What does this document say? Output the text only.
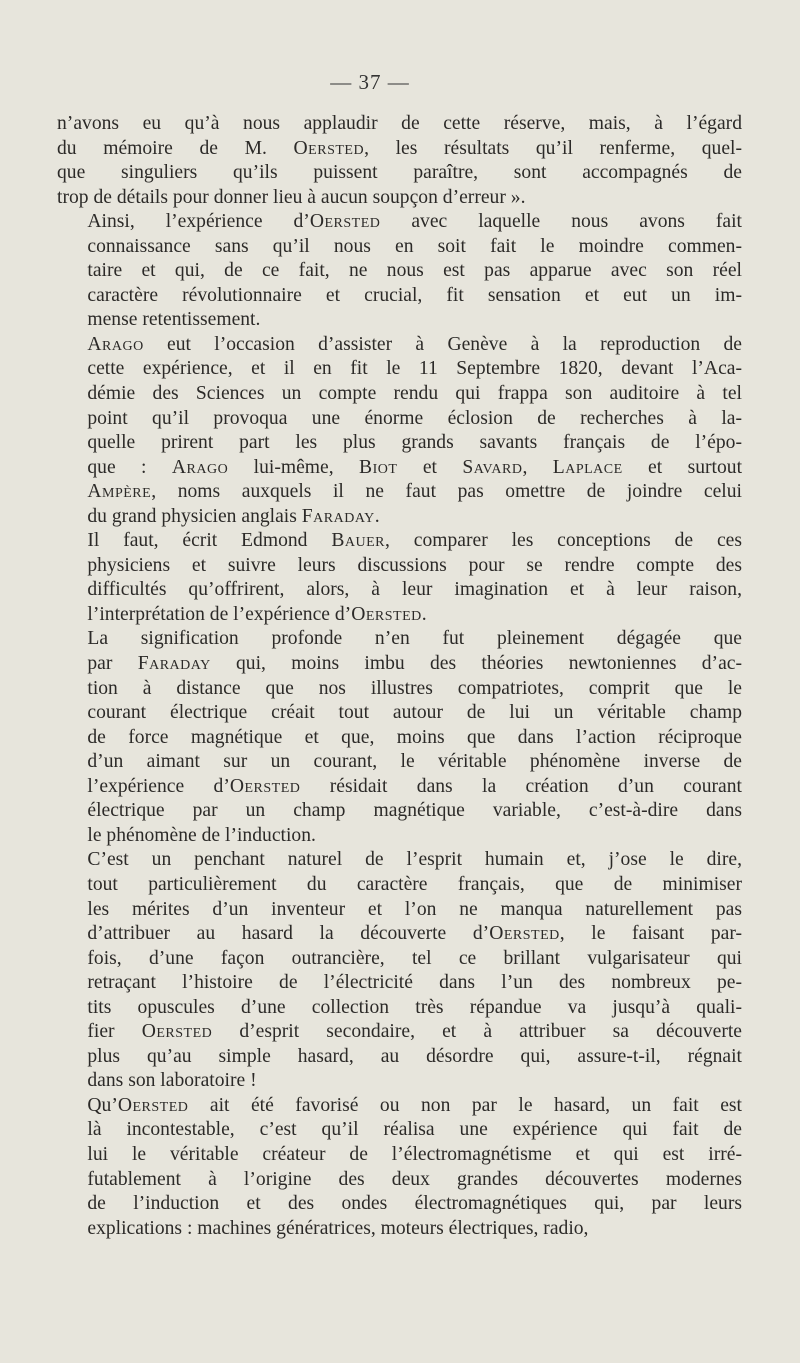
— 37 —

n’avons eu qu’à nous applaudir de cette réserve, mais, à l’égard
du mémoire de M. Oersted, les résultats qu’il renferme, quel-
que singuliers qu’ils puissent paraître, sont accompagnés de
trop de détails pour donner lieu à aucun soupçon d’erreur ».

Ainsi, l’expérience d’Oersted avec laquelle nous avons fait
connaissance sans qu’il nous en soit fait le moindre commen-
taire et qui, de ce fait, ne nous est pas apparue avec son réel
caractère révolutionnaire et crucial, fit sensation et eut un im-
mense retentissement.

Arago eut l’occasion d’assister à Genève à la reproduction de
cette expérience, et il en fit le 11 Septembre 1820, devant l’Aca-
démie des Sciences un compte rendu qui frappa son auditoire à tel
point qu’il provoqua une énorme éclosion de recherches à la-
quelle prirent part les plus grands savants français de l’épo-
que : Arago lui-même, Biot et Savard, Laplace et surtout
Ampère, noms auxquels il ne faut pas omettre de joindre celui
du grand physicien anglais Faraday.

Il faut, écrit Edmond Bauer, comparer les conceptions de ces
physiciens et suivre leurs discussions pour se rendre compte des
difficultés qu’offrirent, alors, à leur imagination et à leur raison,
l’interprétation de l’expérience d’Oersted.

La signification profonde n’en fut pleinement dégagée que
par Faraday qui, moins imbu des théories newtoniennes d’ac-
tion à distance que nos illustres compatriotes, comprit que le
courant électrique créait tout autour de lui un véritable champ
de force magnétique et que, moins que dans l’action réciproque
d’un aimant sur un courant, le véritable phénomène inverse de
l’expérience d’Oersted résidait dans la création d’un courant
électrique par un champ magnétique variable, c’est-à-dire dans
le phénomène de l’induction.

C’est un penchant naturel de l’esprit humain et, j’ose le dire,
tout particulièrement du caractère français, que de minimiser
les mérites d’un inventeur et l’on ne manqua naturellement pas
d’attribuer au hasard la découverte d’Oersted, le faisant par-
fois, d’une façon outrancière, tel ce brillant vulgarisateur qui
retraçant l’histoire de l’électricité dans l’un des nombreux pe-
tits opuscules d’une collection très répandue va jusqu’à quali-
fier Oersted d’esprit secondaire, et à attribuer sa découverte
plus qu’au simple hasard, au désordre qui, assure-t-il, régnait
dans son laboratoire !

Qu’Oersted ait été favorisé ou non par le hasard, un fait est
là incontestable, c’est qu’il réalisa une expérience qui fait de
lui le véritable créateur de l’électromagnétisme et qui est irré-
futablement à l’origine des deux grandes découvertes modernes
de l’induction et des ondes électromagnétiques qui, par leurs
explications : machines génératrices, moteurs électriques, radio,
